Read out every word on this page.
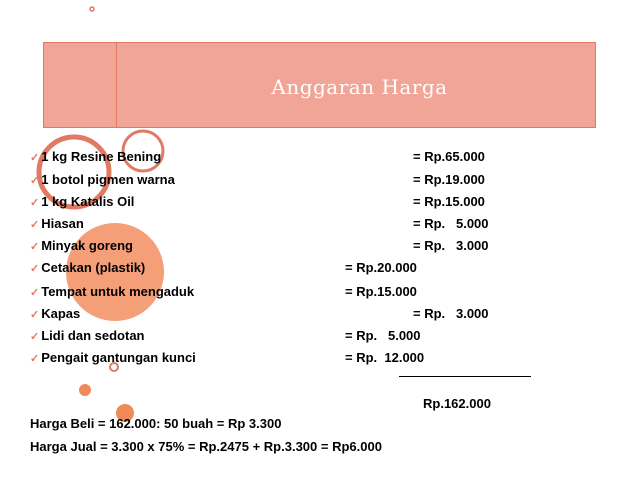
Anggaran Harga
✓ 1 kg Resine Bening	= Rp.65.000
✓ 1 botol pigmen warna	= Rp.19.000
✓ 1 kg Katalis Oil	= Rp.15.000
✓ Hiasan	= Rp.   5.000
✓ Minyak goreng	= Rp.   3.000
✓ Cetakan (plastik)	= Rp.20.000
✓ Tempat untuk mengaduk	= Rp.15.000
✓ Kapas	= Rp.   3.000
✓ Lidi dan sedotan	= Rp.   5.000
✓ Pengait gantungan kunci	= Rp.  12.000
Rp.162.000
Harga Beli = 162.000: 50 buah = Rp 3.300
Harga Jual = 3.300 x 75% = Rp.2475 + Rp.3.300 = Rp6.000
